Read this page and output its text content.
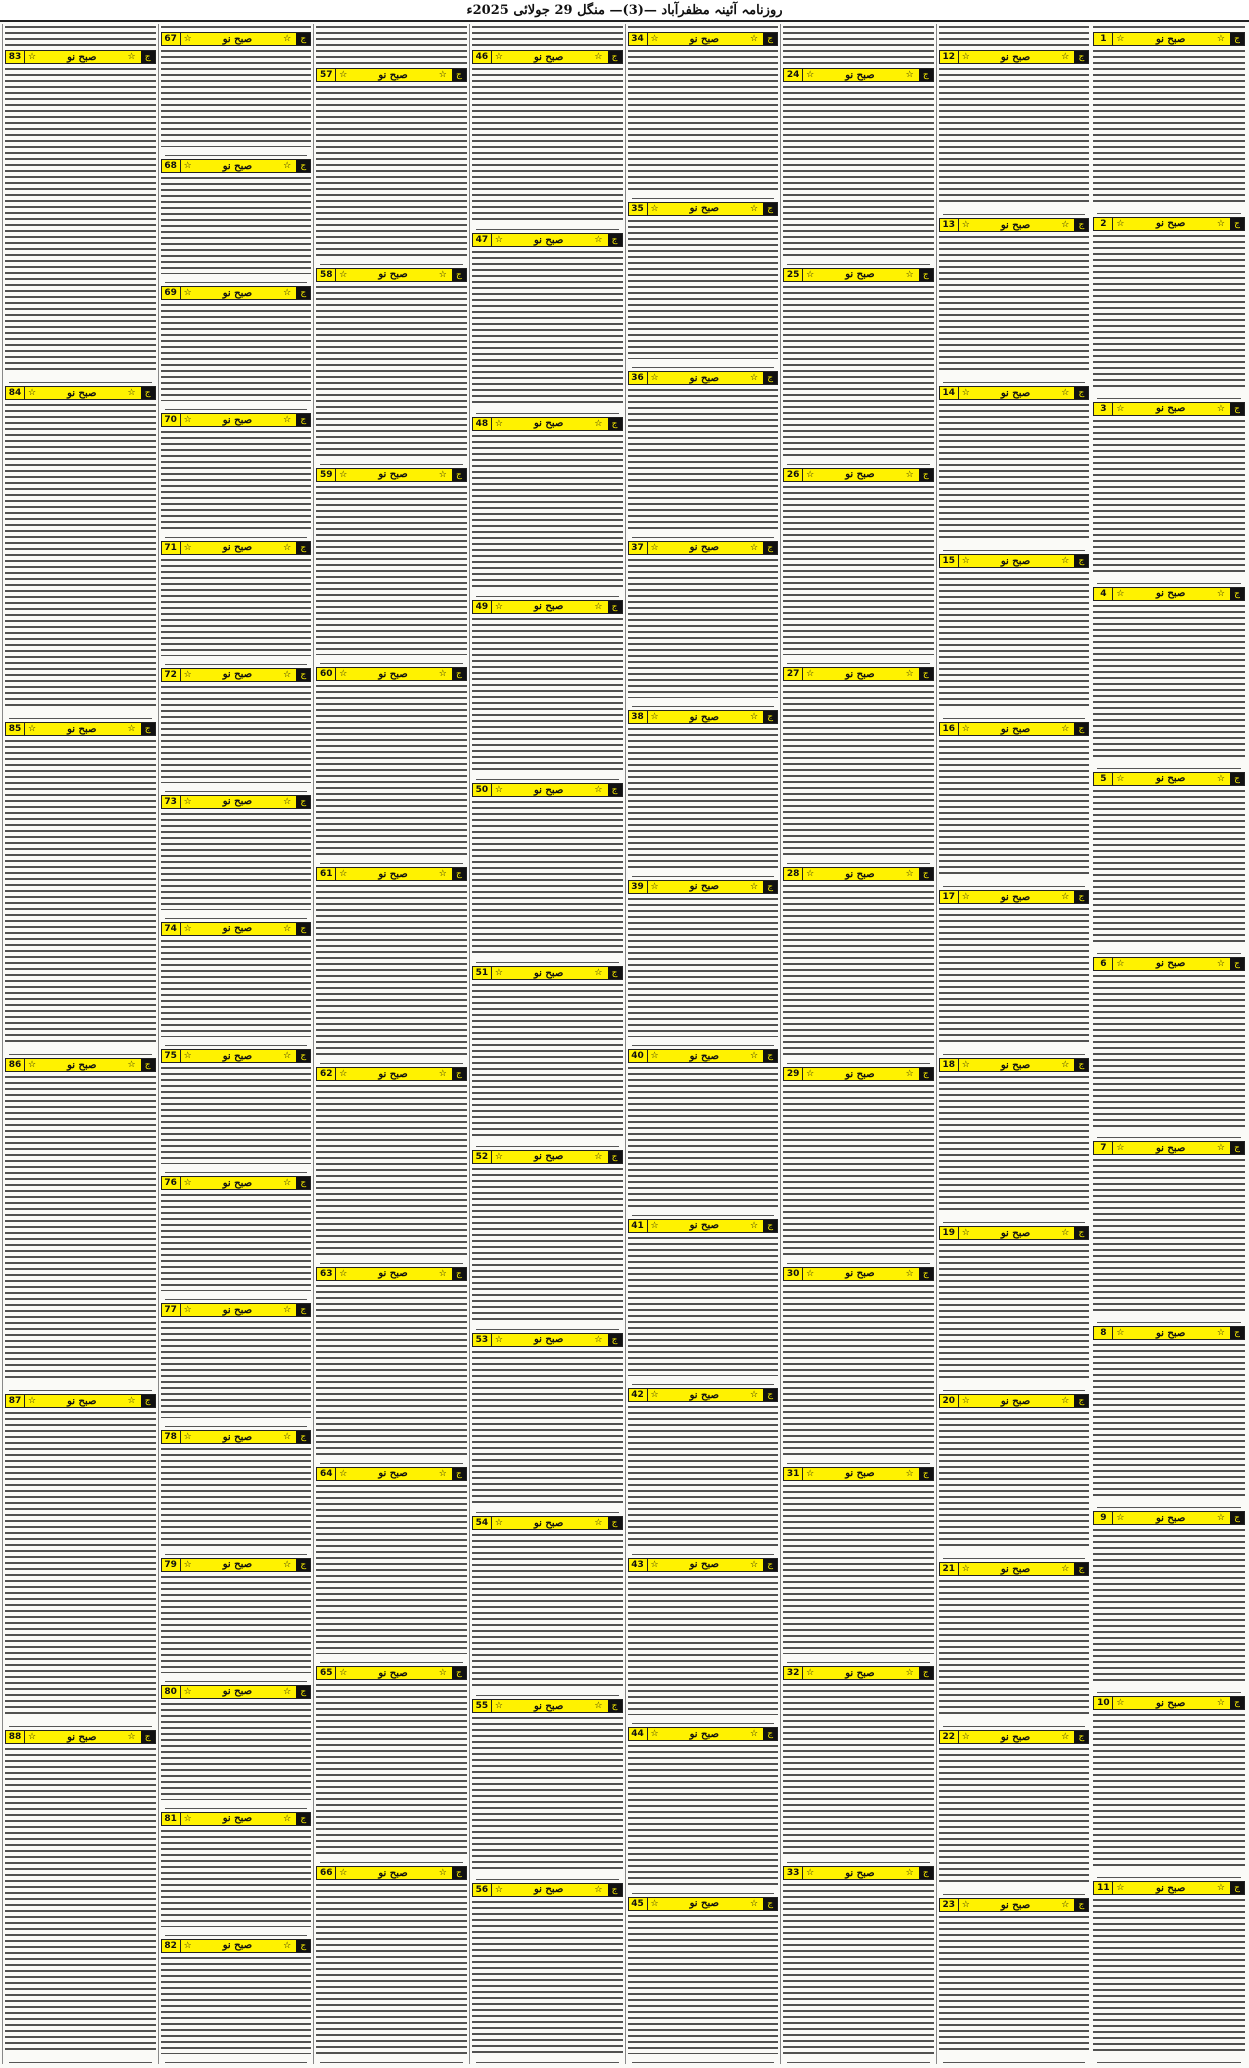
روزنامہ آئینہ مظفرآباد —(3)— منگل 29 جولائی 2025ء
1	☆	صبح نو	☆	ج
2	☆	صبح نو	☆	ج
3	☆	صبح نو	☆	ج
4	☆	صبح نو	☆	ج
5	☆	صبح نو	☆	ج
6	☆	صبح نو	☆	ج
7	☆	صبح نو	☆	ج
8	☆	صبح نو	☆	ج
9	☆	صبح نو	☆	ج
10 ☆	صبح نو	☆	ج
11 ☆	صبح نو	☆	ج
12 ☆	صبح نو	☆	ج
13 ☆	صبح نو	☆	ج
14 ☆	صبح نو	☆	ج
15 ☆	صبح نو	☆	ج
16 ☆	صبح نو	☆	ج
17 ☆	صبح نو	☆	ج
18 ☆	صبح نو	☆	ج
19 ☆	صبح نو	☆	ج
20 ☆	صبح نو	☆	ج
21 ☆	صبح نو	☆	ج
22 ☆	صبح نو	☆	ج
23 ☆	صبح نو	☆	ج
24 ☆	صبح نو	☆	ج
25 ☆	صبح نو	☆	ج
26 ☆	صبح نو	☆	ج
27 ☆	صبح نو	☆	ج
28 ☆	صبح نو	☆	ج
29 ☆	صبح نو	☆	ج
30 ☆	صبح نو	☆	ج
31 ☆	صبح نو	☆	ج
32 ☆	صبح نو	☆	ج
33 ☆	صبح نو	☆	ج
34 ☆	صبح نو	☆	ج
35 ☆	صبح نو	☆	ج
36 ☆	صبح نو	☆	ج
37 ☆	صبح نو	☆	ج
38 ☆	صبح نو	☆	ج
39 ☆	صبح نو	☆	ج
40 ☆	صبح نو	☆	ج
41 ☆	صبح نو	☆	ج
42 ☆	صبح نو	☆	ج
43 ☆	صبح نو	☆	ج
44 ☆	صبح نو	☆	ج
45 ☆	صبح نو	☆	ج
46 ☆	صبح نو	☆	ج
47 ☆	صبح نو	☆	ج
48 ☆	صبح نو	☆	ج
49 ☆	صبح نو	☆	ج
50 ☆	صبح نو	☆	ج
51 ☆	صبح نو	☆	ج
52 ☆	صبح نو	☆	ج
53 ☆	صبح نو	☆	ج
54 ☆	صبح نو	☆	ج
55 ☆	صبح نو	☆	ج
56 ☆	صبح نو	☆	ج
57 ☆	صبح نو	☆	ج
58 ☆	صبح نو	☆	ج
59 ☆	صبح نو	☆	ج
60 ☆	صبح نو	☆	ج
61 ☆	صبح نو	☆	ج
62 ☆	صبح نو	☆	ج
63 ☆	صبح نو	☆	ج
64 ☆	صبح نو	☆	ج
65 ☆	صبح نو	☆	ج
66 ☆	صبح نو	☆	ج
67 ☆	صبح نو	☆	ج
68 ☆	صبح نو	☆	ج
69 ☆	صبح نو	☆	ج
70 ☆	صبح نو	☆	ج
71 ☆	صبح نو	☆	ج
72 ☆	صبح نو	☆	ج
73 ☆	صبح نو	☆	ج
74 ☆	صبح نو	☆	ج
75 ☆	صبح نو	☆	ج
76 ☆	صبح نو	☆	ج
77 ☆	صبح نو	☆	ج
78 ☆	صبح نو	☆	ج
79 ☆	صبح نو	☆	ج
80 ☆	صبح نو	☆	ج
81 ☆	صبح نو	☆	ج
82 ☆	صبح نو	☆	ج
83 ☆	صبح نو	☆	ج
84 ☆	صبح نو	☆	ج
85 ☆	صبح نو	☆	ج
86 ☆	صبح نو	☆	ج
87 ☆	صبح نو	☆	ج
88 ☆	صبح نو	☆	ج
